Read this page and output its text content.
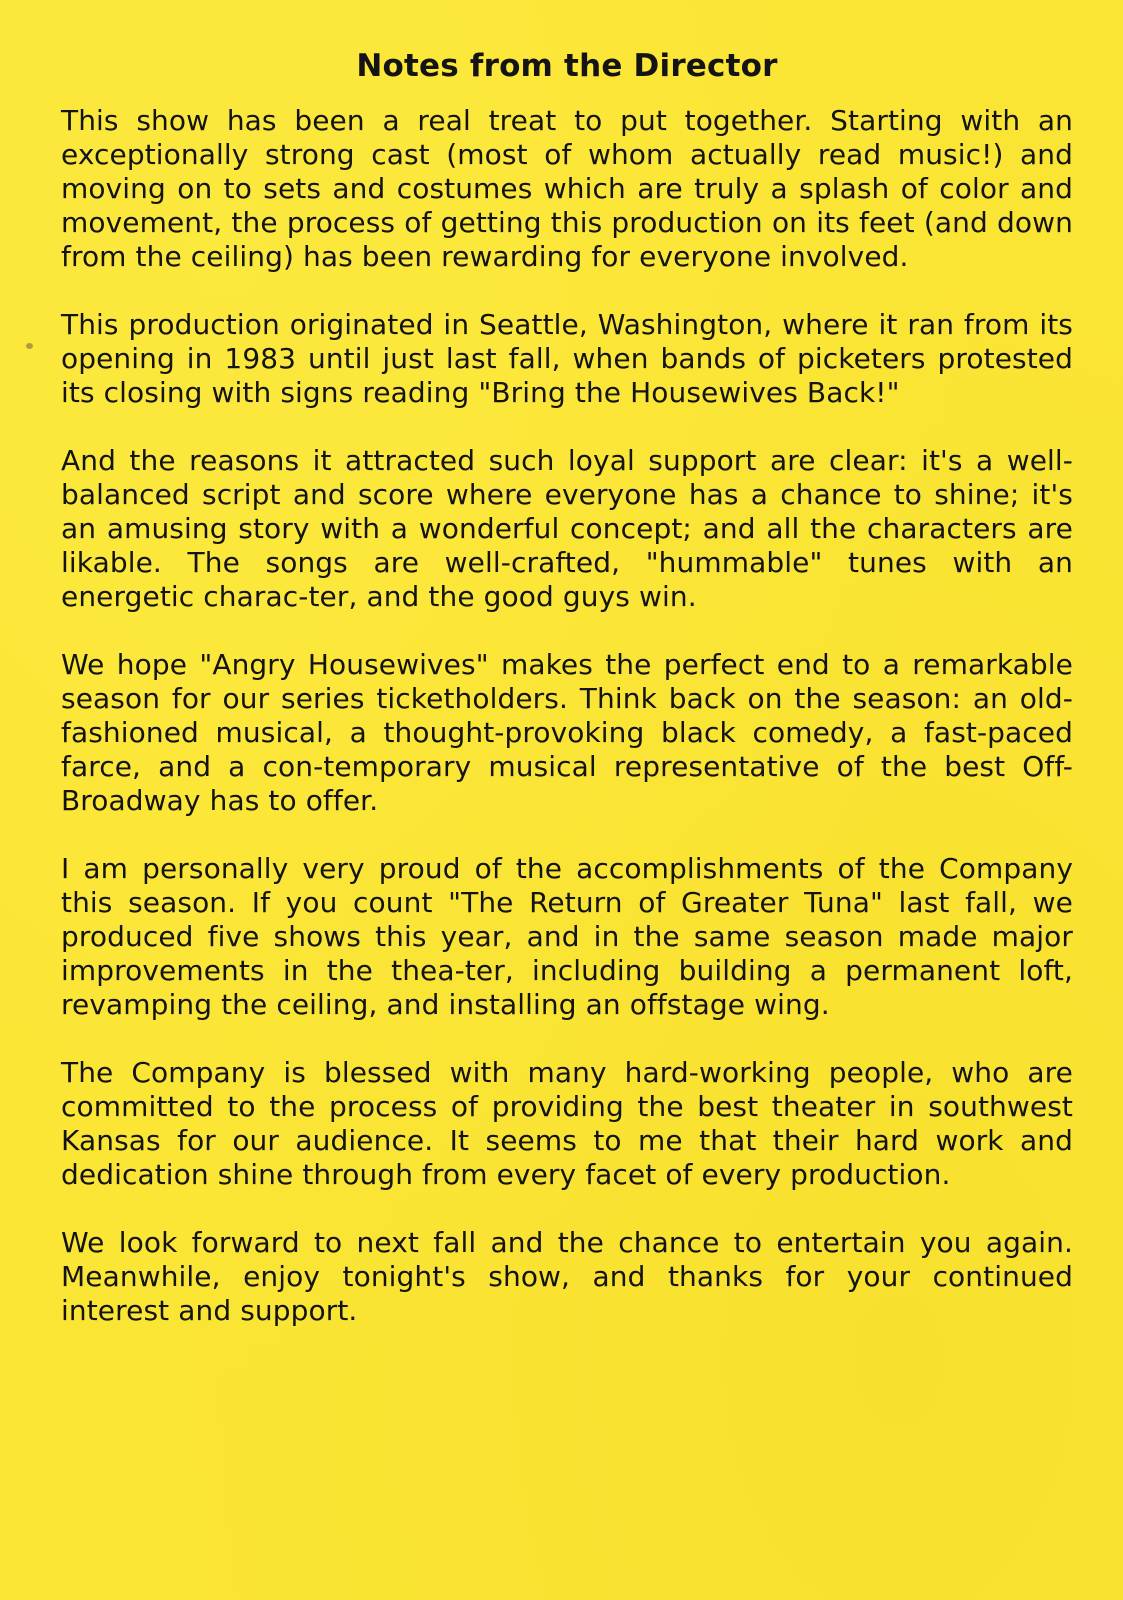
Notes from the Director

This show has been a real treat to put together. Starting with an exceptionally strong cast (most of whom actually read music!) and moving on to sets and costumes which are truly a splash of color and movement, the process of getting this production on its feet (and down from the ceiling) has been rewarding for everyone involved.

This production originated in Seattle, Washington, where it ran from its opening in 1983 until just last fall, when bands of picketers protested its closing with signs reading "Bring the Housewives Back!"

And the reasons it attracted such loyal support are clear: it's a well-balanced script and score where everyone has a chance to shine; it's an amusing story with a wonderful concept; and all the characters are likable. The songs are well-crafted, "hummable" tunes with an energetic charac-ter, and the good guys win.

We hope "Angry Housewives" makes the perfect end to a remarkable season for our series ticketholders. Think back on the season: an old-fashioned musical, a thought-provoking black comedy, a fast-paced farce, and a con-temporary musical representative of the best Off-Broadway has to offer.

I am personally very proud of the accomplishments of the Company this season. If you count "The Return of Greater Tuna" last fall, we produced five shows this year, and in the same season made major improvements in the thea-ter, including building a permanent loft, revamping the ceiling, and installing an offstage wing.

The Company is blessed with many hard-working people, who are committed to the process of providing the best theater in southwest Kansas for our audience. It seems to me that their hard work and dedication shine through from every facet of every production.

We look forward to next fall and the chance to entertain you again. Meanwhile, enjoy tonight's show, and thanks for your continued interest and support.
